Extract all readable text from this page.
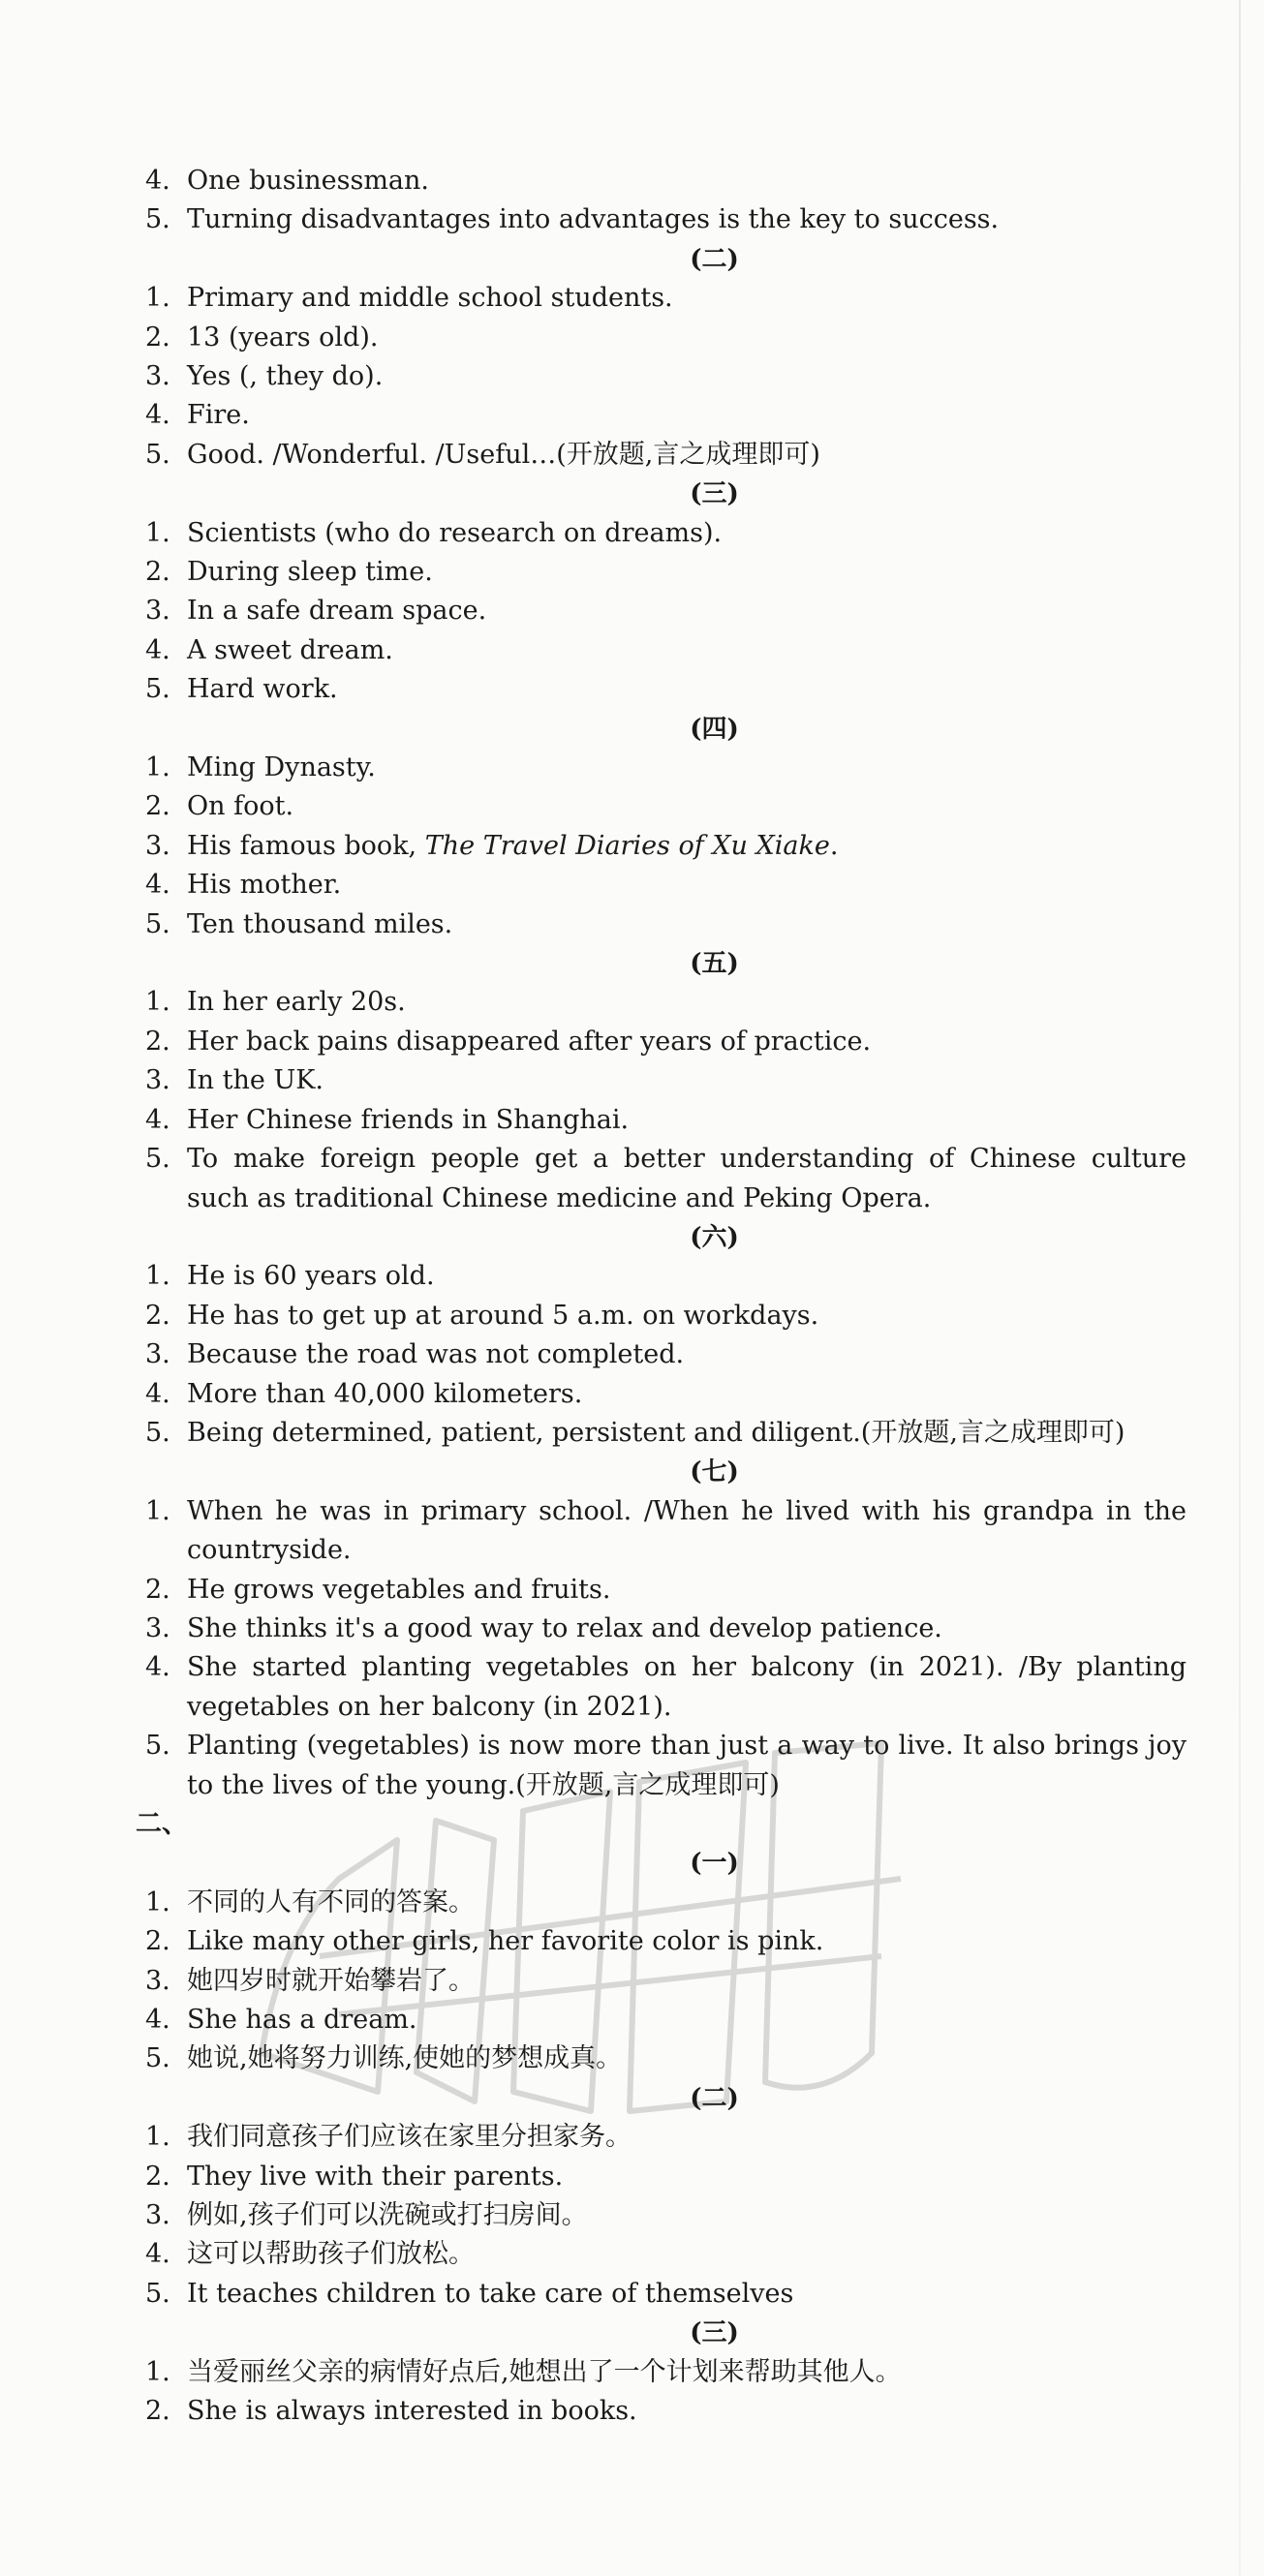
4. One businessman.
5. Turning disadvantages into advantages is the key to success.
(二)
1. Primary and middle school students.
2. 13 (years old).
3. Yes (, they do).
4. Fire.
5. Good. /Wonderful. /Useful…(开放题,言之成理即可)
(三)
1. Scientists (who do research on dreams).
2. During sleep time.
3. In a safe dream space.
4. A sweet dream.
5. Hard work.
(四)
1. Ming Dynasty.
2. On foot.
3. His famous book, The Travel Diaries of Xu Xiake.
4. His mother.
5. Ten thousand miles.
(五)
1. In her early 20s.
2. Her back pains disappeared after years of practice.
3. In the UK.
4. Her Chinese friends in Shanghai.
5. To make foreign people get a better understanding of Chinese culture such as traditional Chinese medicine and Peking Opera.
(六)
1. He is 60 years old.
2. He has to get up at around 5 a.m. on workdays.
3. Because the road was not completed.
4. More than 40,000 kilometers.
5. Being determined, patient, persistent and diligent.(开放题,言之成理即可)
(七)
1. When he was in primary school. /When he lived with his grandpa in the countryside.
2. He grows vegetables and fruits.
3. She thinks it's a good way to relax and develop patience.
4. She started planting vegetables on her balcony (in 2021). /By planting vegetables on her balcony (in 2021).
5. Planting (vegetables) is now more than just a way to live. It also brings joy to the lives of the young.(开放题,言之成理即可)
二、
(一)
1. 不同的人有不同的答案。
2. Like many other girls, her favorite color is pink.
3. 她四岁时就开始攀岩了。
4. She has a dream.
5. 她说,她将努力训练,使她的梦想成真。
(二)
1. 我们同意孩子们应该在家里分担家务。
2. They live with their parents.
3. 例如,孩子们可以洗碗或打扫房间。
4. 这可以帮助孩子们放松。
5. It teaches children to take care of themselves
(三)
1. 当爱丽丝父亲的病情好点后,她想出了一个计划来帮助其他人。
2. She is always interested in books.
